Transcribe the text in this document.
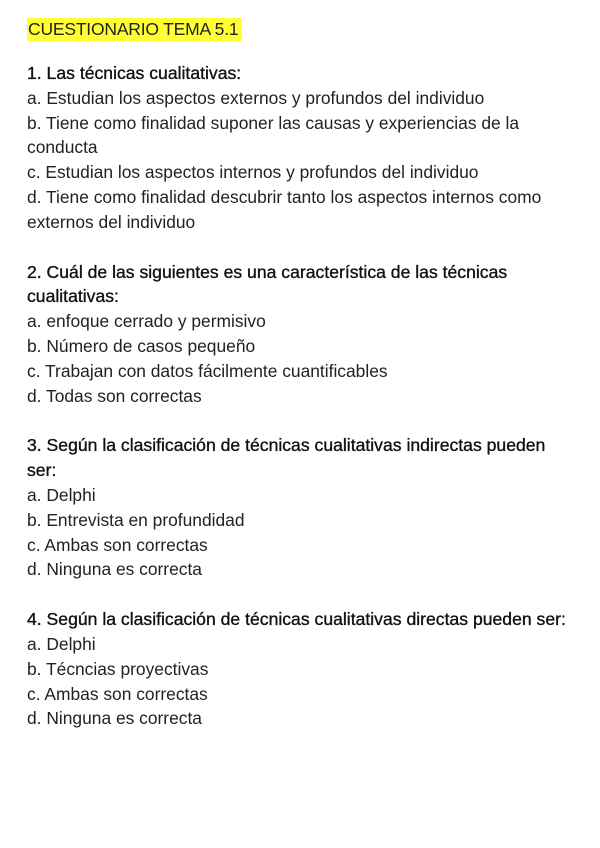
CUESTIONARIO TEMA 5.1
1. Las técnicas cualitativas:
a. Estudian los aspectos externos y profundos del individuo
b. Tiene como finalidad suponer las causas y experiencias de la conducta
c. Estudian los aspectos internos y profundos del individuo
d. Tiene como finalidad descubrir tanto los aspectos internos como externos del individuo
2. Cuál de las siguientes es una característica de las técnicas cualitativas:
a. enfoque cerrado y permisivo
b. Número de casos pequeño
c. Trabajan con datos fácilmente cuantificables
d. Todas son correctas
3. Según la clasificación de técnicas cualitativas indirectas pueden ser:
a. Delphi
b. Entrevista en profundidad
c. Ambas son correctas
d. Ninguna es correcta
4. Según la clasificación de técnicas cualitativas directas pueden ser:
a. Delphi
b. Técncias proyectivas
c. Ambas son correctas
d. Ninguna es correcta
